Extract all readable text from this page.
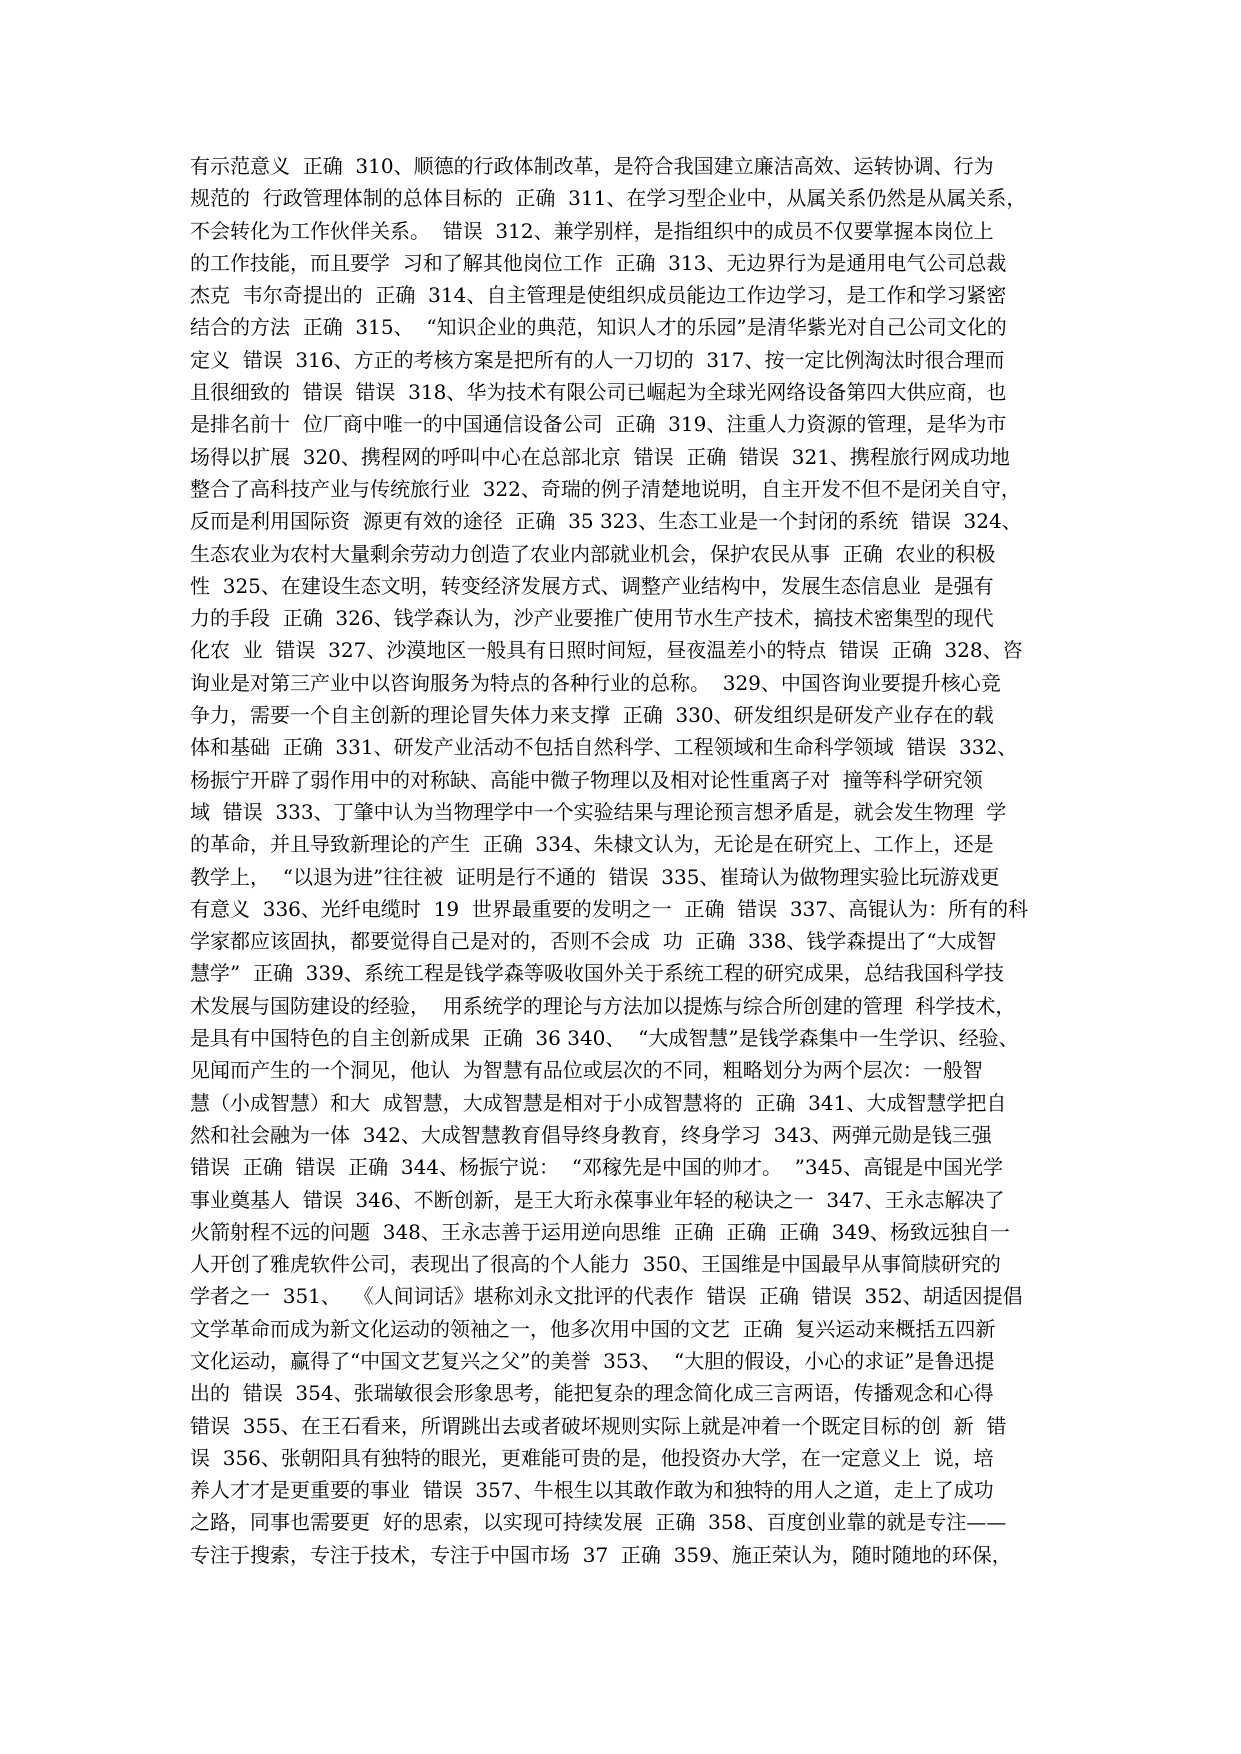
有示范意义  正确  310、顺德的行政体制改革，是符合我国建立廉洁高效、运转协调、行为
规范的  行政管理体制的总体目标的  正确  311、在学习型企业中，从属关系仍然是从属关系，
不会转化为工作伙伴关系。  错误  312、兼学别样，是指组织中的成员不仅要掌握本岗位上
的工作技能，而且要学  习和了解其他岗位工作  正确  313、无边界行为是通用电气公司总裁
杰克  韦尔奇提出的  正确  314、自主管理是使组织成员能边工作边学习，是工作和学习紧密
结合的方法  正确  315、  “知识企业的典范，知识人才的乐园”是清华紫光对自己公司文化的
定义  错误  316、方正的考核方案是把所有的人一刀切的  317、按一定比例淘汰时很合理而
且很细致的  错误  错误  318、华为技术有限公司已崛起为全球光网络设备第四大供应商，也
是排名前十  位厂商中唯一的中国通信设备公司  正确  319、注重人力资源的管理，是华为市
场得以扩展  320、携程网的呼叫中心在总部北京  错误  正确  错误  321、携程旅行网成功地
整合了高科技产业与传统旅行业  322、奇瑞的例子清楚地说明，自主开发不但不是闭关自守，
反而是利用国际资  源更有效的途径  正确  35 323、生态工业是一个封闭的系统  错误  324、
生态农业为农村大量剩余劳动力创造了农业内部就业机会，保护农民从事  正确  农业的积极
性  325、在建设生态文明，转变经济发展方式、调整产业结构中，发展生态信息业  是强有
力的手段  正确  326、钱学森认为，沙产业要推广使用节水生产技术，搞技术密集型的现代
化农  业  错误  327、沙漠地区一般具有日照时间短，昼夜温差小的特点  错误  正确  328、咨
询业是对第三产业中以咨询服务为特点的各种行业的总称。  329、中国咨询业要提升核心竞
争力，需要一个自主创新的理论冒失体力来支撑  正确  330、研发组织是研发产业存在的载
体和基础  正确  331、研发产业活动不包括自然科学、工程领域和生命科学领域  错误  332、
杨振宁开辟了弱作用中的对称缺、高能中微子物理以及相对论性重离子对  撞等科学研究领
域  错误  333、丁肇中认为当物理学中一个实验结果与理论预言想矛盾是，就会发生物理  学
的革命，并且导致新理论的产生  正确  334、朱棣文认为，无论是在研究上、工作上，还是
教学上，  “以退为进”往往被  证明是行不通的  错误  335、崔琦认为做物理实验比玩游戏更
有意义  336、光纤电缆时  19  世界最重要的发明之一  正确  错误  337、高锟认为：所有的科
学家都应该固执，都要觉得自己是对的，否则不会成  功  正确  338、钱学森提出了“大成智
慧学”  正确  339、系统工程是钱学森等吸收国外关于系统工程的研究成果，总结我国科学技
术发展与国防建设的经验，  用系统学的理论与方法加以提炼与综合所创建的管理  科学技术，
是具有中国特色的自主创新成果  正确  36 340、  “大成智慧”是钱学森集中一生学识、经验、
见闻而产生的一个洞见，他认  为智慧有品位或层次的不同，粗略划分为两个层次：一般智
慧（小成智慧）和大  成智慧，大成智慧是相对于小成智慧将的  正确  341、大成智慧学把自
然和社会融为一体  342、大成智慧教育倡导终身教育，终身学习  343、两弹元勋是钱三强
错误  正确  错误  正确  344、杨振宁说：  “邓稼先是中国的帅才。  ”345、高锟是中国光学
事业奠基人  错误  346、不断创新，是王大珩永葆事业年轻的秘诀之一  347、王永志解决了
火箭射程不远的问题  348、王永志善于运用逆向思维  正确  正确  正确  349、杨致远独自一
人开创了雅虎软件公司，表现出了很高的个人能力  350、王国维是中国最早从事简牍研究的
学者之一  351、  《人间词话》堪称刘永文批评的代表作  错误  正确  错误  352、胡适因提倡
文学革命而成为新文化运动的领袖之一，他多次用中国的文艺  正确  复兴运动来概括五四新
文化运动，赢得了“中国文艺复兴之父”的美誉  353、  “大胆的假设，小心的求证”是鲁迅提
出的  错误  354、张瑞敏很会形象思考，能把复杂的理念简化成三言两语，传播观念和心得
错误  355、在王石看来，所谓跳出去或者破坏规则实际上就是冲着一个既定目标的创  新  错
误  356、张朝阳具有独特的眼光，更难能可贵的是，他投资办大学，在一定意义上  说，培
养人才才是更重要的事业  错误  357、牛根生以其敢作敢为和独特的用人之道，走上了成功
之路，同事也需要更  好的思索，以实现可持续发展  正确  358、百度创业靠的就是专注——
专注于搜索，专注于技术，专注于中国市场  37  正确  359、施正荣认为，随时随地的环保，
